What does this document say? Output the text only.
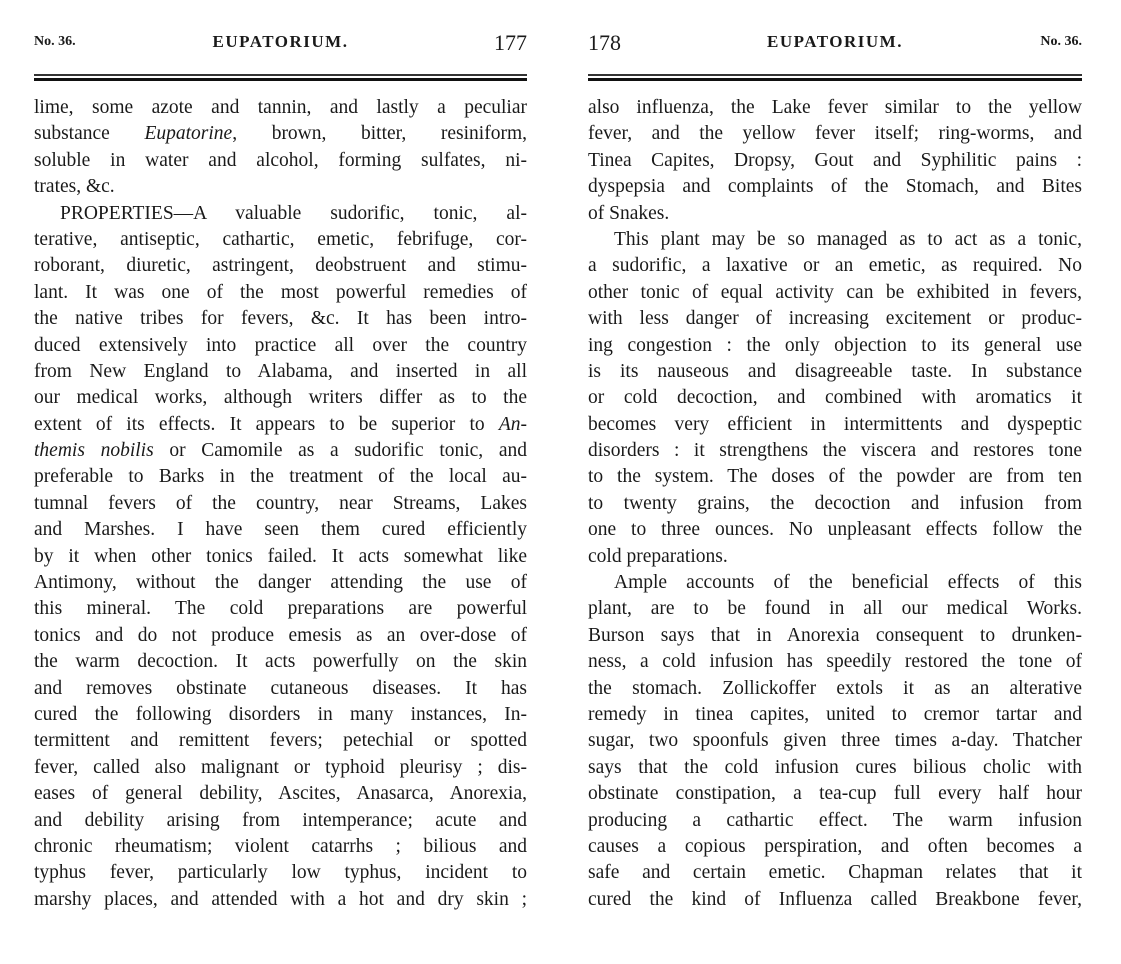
No. 36.	EUPATORIUM.	177
lime, some azote and tannin, and lastly a peculiar
substance Eupatorine, brown, bitter, resiniform,
soluble in water and alcohol, forming sulfates, ni-
trates, &c.
PROPERTIES—A valuable sudorific, tonic, al-
terative, antiseptic, cathartic, emetic, febrifuge, cor-
roborant, diuretic, astringent, deobstruent and stimu-
lant. It was one of the most powerful remedies of
the native tribes for fevers, &c. It has been intro-
duced extensively into practice all over the country
from New England to Alabama, and inserted in all
our medical works, although writers differ as to the
extent of its effects. It appears to be superior to An-
themis nobilis or Camomile as a sudorific tonic, and
preferable to Barks in the treatment of the local au-
tumnal fevers of the country, near Streams, Lakes
and Marshes. I have seen them cured efficiently
by it when other tonics failed. It acts somewhat like
Antimony, without the danger attending the use of
this mineral. The cold preparations are powerful
tonics and do not produce emesis as an over-dose of
the warm decoction. It acts powerfully on the skin
and removes obstinate cutaneous diseases. It has
cured the following disorders in many instances, In-
termittent and remittent fevers; petechial or spotted
fever, called also malignant or typhoid pleurisy ; dis-
eases of general debility, Ascites, Anasarca, Anorexia,
and debility arising from intemperance; acute and
chronic rheumatism; violent catarrhs ; bilious and
typhus fever, particularly low typhus, incident to
marshy places, and attended with a hot and dry skin ;
178	EUPATORIUM.	No. 36.
also influenza, the Lake fever similar to the yellow
fever, and the yellow fever itself; ring-worms, and
Tinea Capites, Dropsy, Gout and Syphilitic pains :
dyspepsia and complaints of the Stomach, and Bites
of Snakes.
This plant may be so managed as to act as a tonic,
a sudorific, a laxative or an emetic, as required. No
other tonic of equal activity can be exhibited in fevers,
with less danger of increasing excitement or produc-
ing congestion : the only objection to its general use
is its nauseous and disagreeable taste. In substance
or cold decoction, and combined with aromatics it
becomes very efficient in intermittents and dyspeptic
disorders : it strengthens the viscera and restores tone
to the system. The doses of the powder are from ten
to twenty grains, the decoction and infusion from
one to three ounces. No unpleasant effects follow the
cold preparations.
Ample accounts of the beneficial effects of this
plant, are to be found in all our medical Works.
Burson says that in Anorexia consequent to drunken-
ness, a cold infusion has speedily restored the tone of
the stomach. Zollickoffer extols it as an alterative
remedy in tinea capites, united to cremor tartar and
sugar, two spoonfuls given three times a-day. Thatcher
says that the cold infusion cures bilious cholic with
obstinate constipation, a tea-cup full every half hour
producing a cathartic effect. The warm infusion
causes a copious perspiration, and often becomes a
safe and certain emetic. Chapman relates that it
cured the kind of Influenza called Breakbone fever,
